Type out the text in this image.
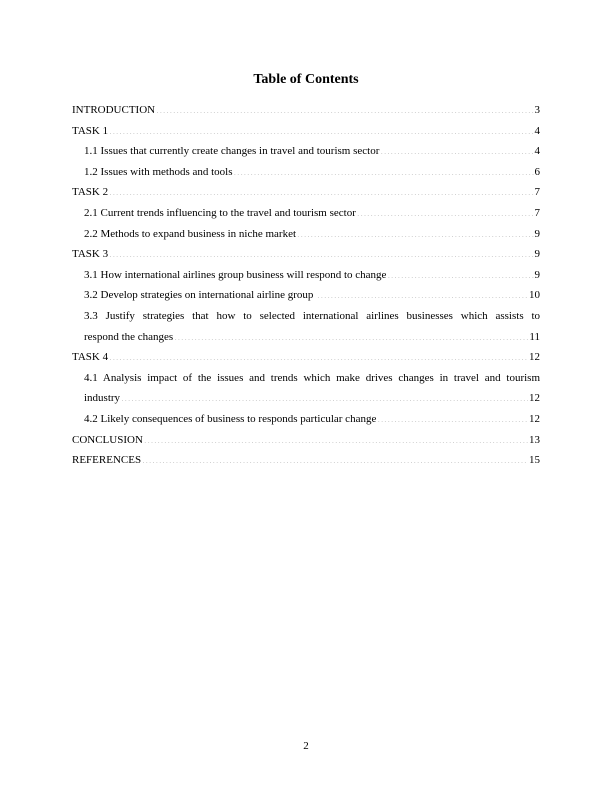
Table of Contents
INTRODUCTION .....	3
TASK 1 .....	4
1.1 Issues that currently create changes in travel and tourism sector .....	4
1.2 Issues with methods and tools .....	6
TASK 2 .....	7
2.1 Current trends influencing to the travel and tourism sector .....	7
2.2 Methods to expand business in niche market .....	9
TASK 3 .....	9
3.1 How international airlines group business will respond to change .....	9
3.2 Develop strategies on international airline group .....	10
3.3 Justify strategies that how to selected international airlines businesses which assists to
respond the changes .....	11
TASK 4 .....	12
4.1 Analysis impact of the issues and trends which make drives changes in travel and tourism
industry .....	12
4.2 Likely consequences of business to responds particular change .....	12
CONCLUSION .....	13
REFERENCES .....	15
2
